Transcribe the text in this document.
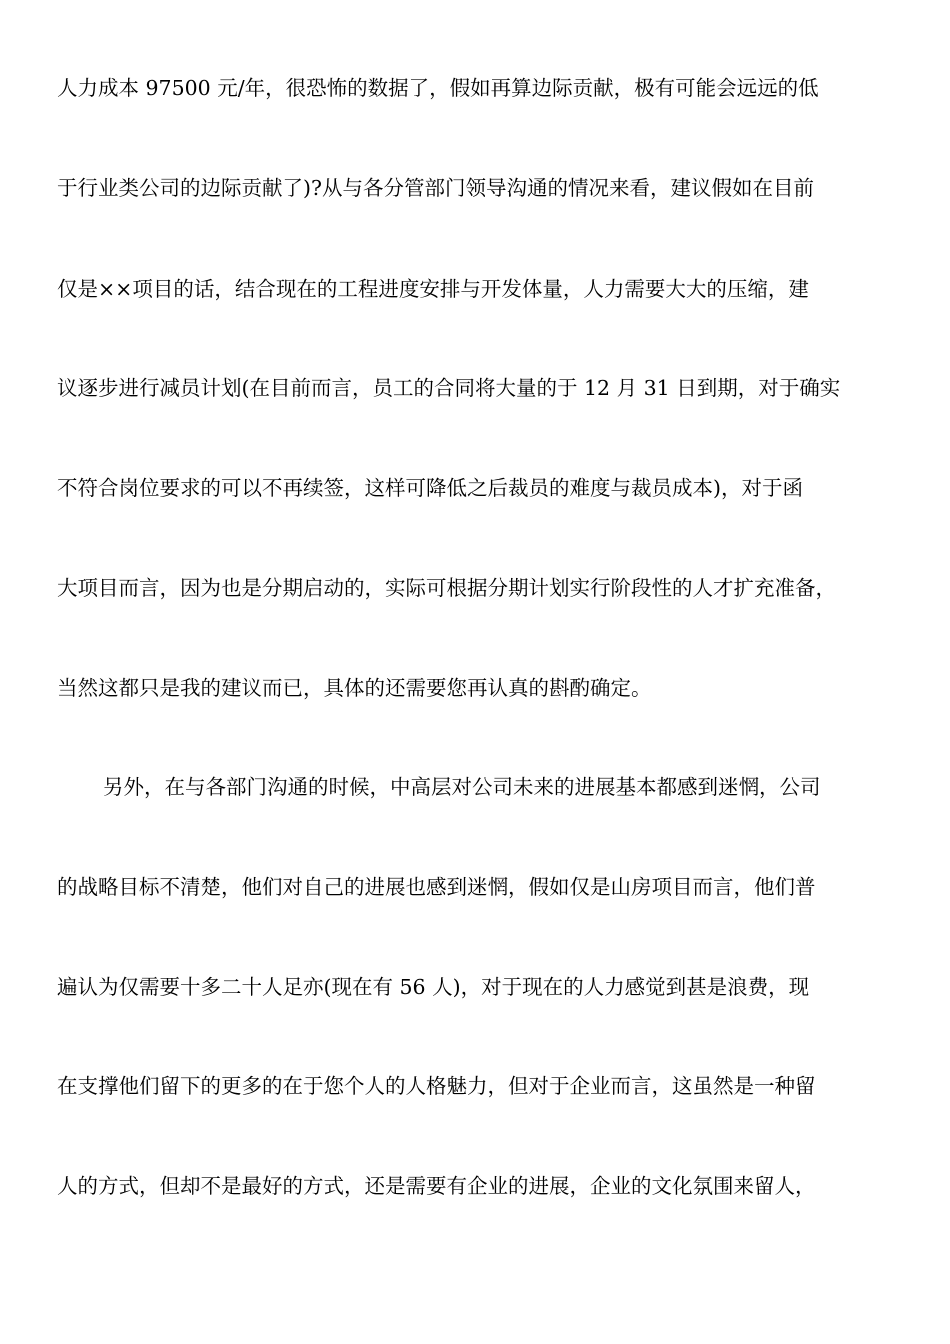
人力成本 97500 元/年，很恐怖的数据了，假如再算边际贡献，极有可能会远远的低
于行业类公司的边际贡献了)?从与各分管部门领导沟通的情况来看，建议假如在目前
仅是××项目的话，结合现在的工程进度安排与开发体量，人力需要大大的压缩，建
议逐步进行减员计划(在目前而言，员工的合同将大量的于 12 月 31 日到期，对于确实
不符合岗位要求的可以不再续签，这样可降低之后裁员的难度与裁员成本)，对于函
大项目而言，因为也是分期启动的，实际可根据分期计划实行阶段性的人才扩充准备，
当然这都只是我的建议而已，具体的还需要您再认真的斟酌确定。
另外，在与各部门沟通的时候，中高层对公司未来的进展基本都感到迷惘，公司
的战略目标不清楚，他们对自己的进展也感到迷惘，假如仅是山房项目而言，他们普
遍认为仅需要十多二十人足亦(现在有 56 人)，对于现在的人力感觉到甚是浪费，现
在支撑他们留下的更多的在于您个人的人格魅力，但对于企业而言，这虽然是一种留
人的方式，但却不是最好的方式，还是需要有企业的进展，企业的文化氛围来留人，
